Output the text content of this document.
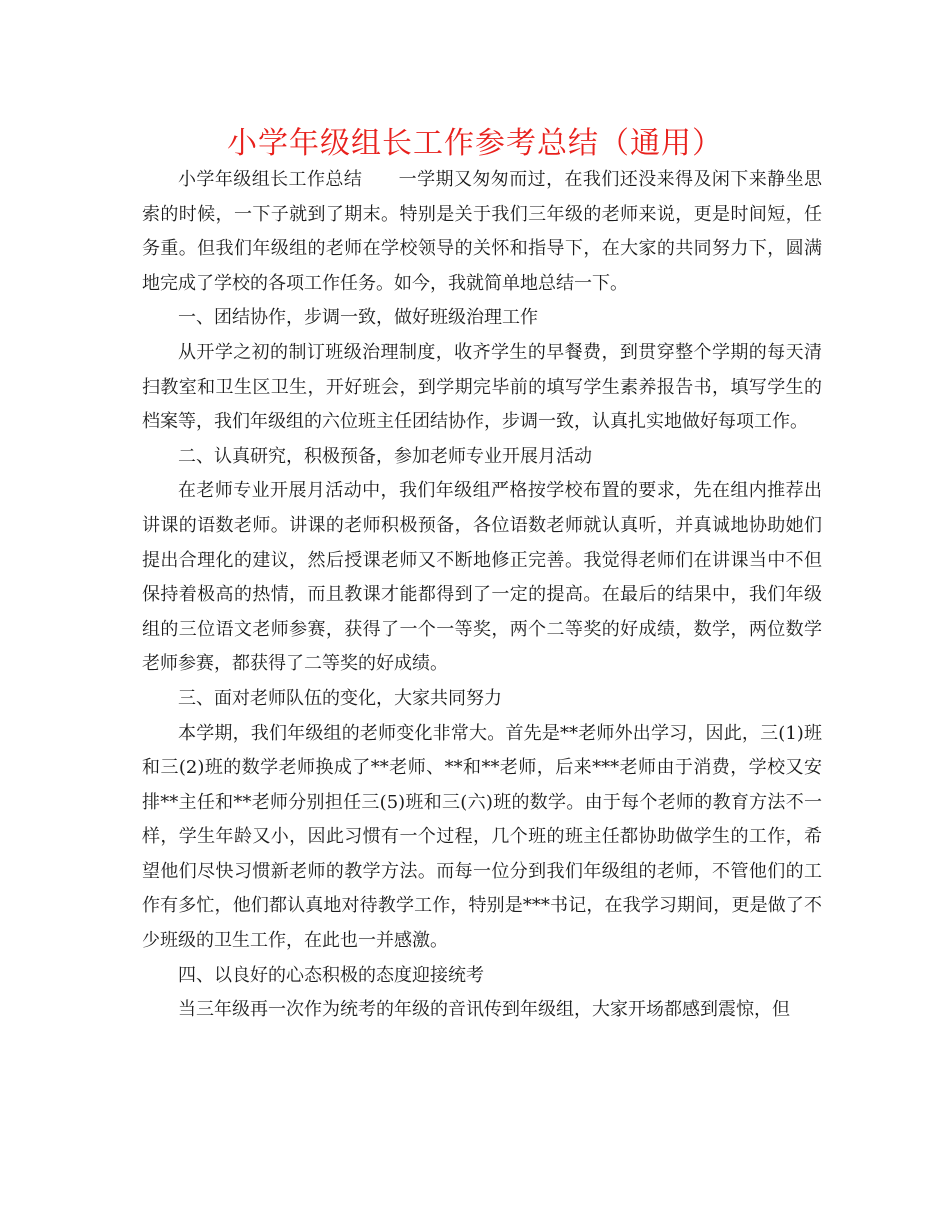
小学年级组长工作参考总结（通用）

小学年级组长工作总结 一学期又匆匆而过，在我们还没来得及闲下来静坐思索的时候，一下子就到了期末。特别是关于我们三年级的老师来说，更是时间短，任务重。但我们年级组的老师在学校领导的关怀和指导下，在大家的共同努力下，圆满地完成了学校的各项工作任务。如今，我就简单地总结一下。

一、团结协作，步调一致，做好班级治理工作

从开学之初的制订班级治理制度，收齐学生的早餐费，到贯穿整个学期的每天清扫教室和卫生区卫生，开好班会，到学期完毕前的填写学生素养报告书，填写学生的档案等，我们年级组的六位班主任团结协作，步调一致，认真扎实地做好每项工作。

二、认真研究，积极预备，参加老师专业开展月活动

在老师专业开展月活动中，我们年级组严格按学校布置的要求，先在组内推荐出讲课的语数老师。讲课的老师积极预备，各位语数老师就认真听，并真诚地协助她们提出合理化的建议，然后授课老师又不断地修正完善。我觉得老师们在讲课当中不但保持着极高的热情，而且教课才能都得到了一定的提高。在最后的结果中，我们年级组的三位语文老师参赛，获得了一个一等奖，两个二等奖的好成绩，数学，两位数学老师参赛，都获得了二等奖的好成绩。

三、面对老师队伍的变化，大家共同努力

本学期，我们年级组的老师变化非常大。首先是**老师外出学习，因此，三(1)班和三(2)班的数学老师换成了**老师、**和**老师，后来***老师由于消费，学校又安排**主任和**老师分别担任三(5)班和三(六)班的数学。由于每个老师的教育方法不一样，学生年龄又小，因此习惯有一个过程，几个班的班主任都协助做学生的工作，希望他们尽快习惯新老师的教学方法。而每一位分到我们年级组的老师，不管他们的工作有多忙，他们都认真地对待教学工作，特别是***书记，在我学习期间，更是做了不少班级的卫生工作，在此也一并感激。

四、以良好的心态积极的态度迎接统考

当三年级再一次作为统考的年级的音讯传到年级组，大家开场都感到震惊，但
